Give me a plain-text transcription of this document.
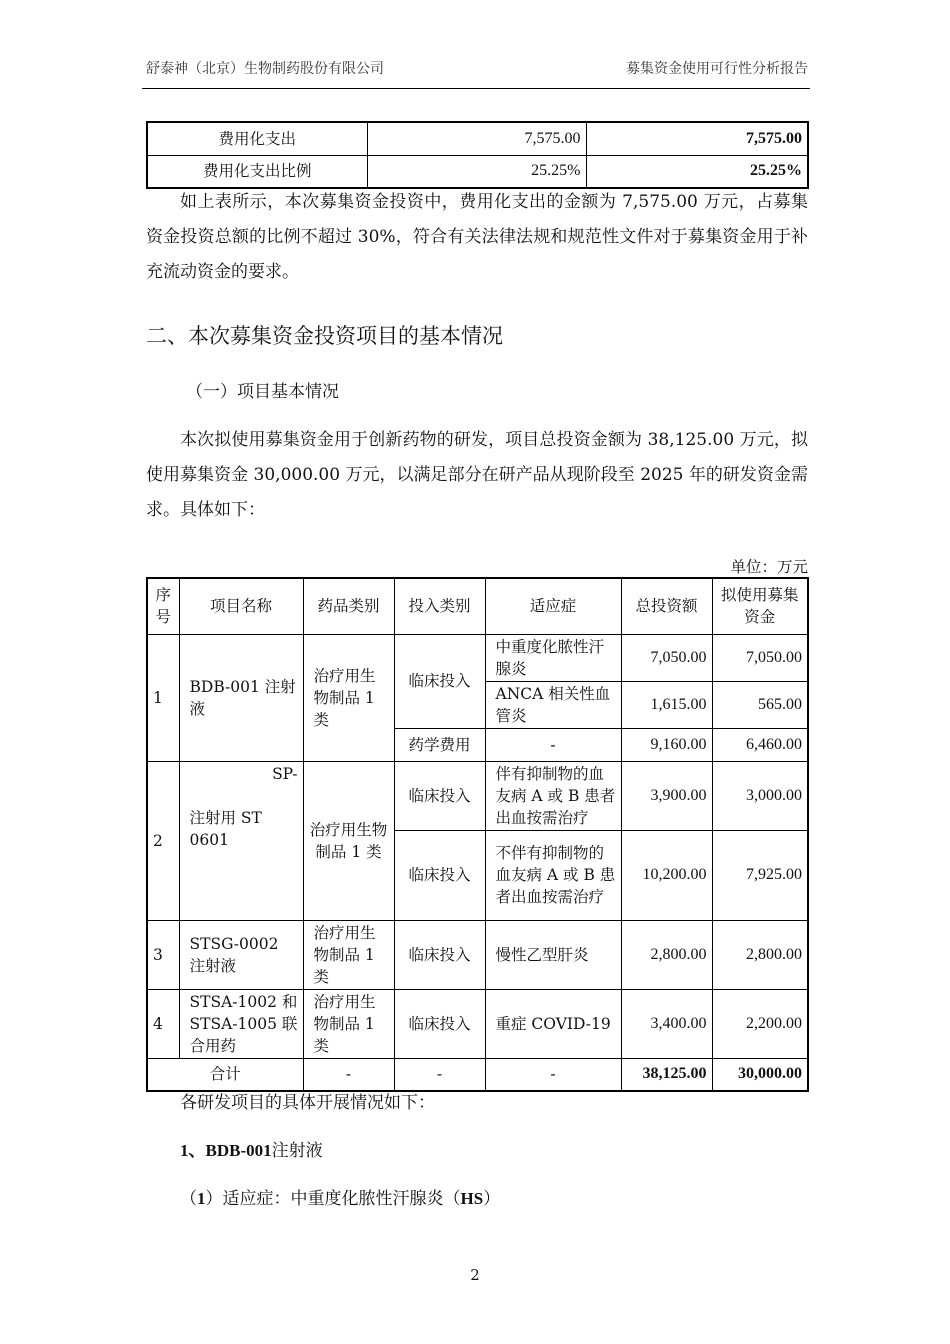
舒泰神（北京）生物制药股份有限公司	募集资金使用可行性分析报告
费用化支出	7,575.00	7,575.00
费用化支出比例	25.25%	25.25%
如上表所示，本次募集资金投资中，费用化支出的金额为 7,575.00 万元，占募集资金投资总额的比例不超过 30%，符合有关法律法规和规范性文件对于募集资金用于补充流动资金的要求。
二、本次募集资金投资项目的基本情况
（一）项目基本情况
本次拟使用募集资金用于创新药物的研发，项目总投资金额为 38,125.00 万元，拟使用募集资金 30,000.00 万元，以满足部分在研产品从现阶段至 2025 年的研发资金需求。具体如下：
单位：万元
序号	项目名称	药品类别	投入类别	适应症	总投资额	拟使用募集资金
1	BDB-001 注射液	治疗用生物制品 1 类	临床投入	中重度化脓性汗腺炎	7,050.00	7,050.00
				ANCA 相关性血管炎	1,615.00	565.00
			药学费用	-	9,160.00	6,460.00
2	SP-
注射用 ST 0601	治疗用生物制品 1 类	临床投入	伴有抑制物的血友病 A 或 B 患者出血按需治疗	3,900.00	3,000.00
			临床投入	不伴有抑制物的血友病 A 或 B 患者出血按需治疗	10,200.00	7,925.00
3	STSG-0002 注射液	治疗用生物制品 1 类	临床投入	慢性乙型肝炎	2,800.00	2,800.00
4	STSA-1002 和 STSA-1005 联合用药	治疗用生物制品 1 类	临床投入	重症 COVID-19	3,400.00	2,200.00
合计		-	-	-	38,125.00	30,000.00
各研发项目的具体开展情况如下：
1、BDB-001注射液
（1）适应症：中重度化脓性汗腺炎（HS）
2
